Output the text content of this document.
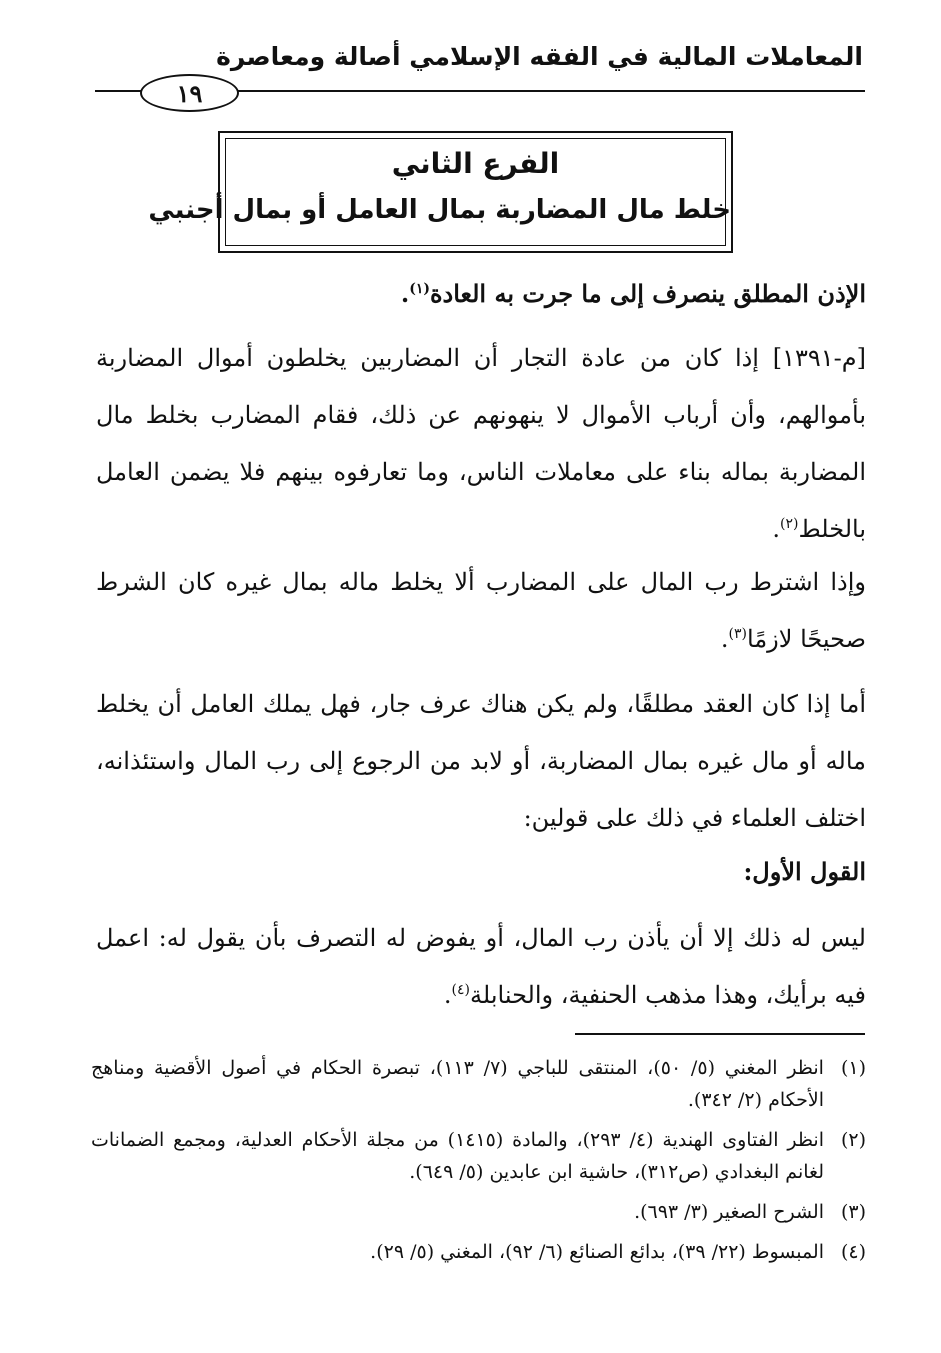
المعاملات المالية في الفقه الإسلامي أصالة ومعاصرة
١٩
الفرع الثاني
خلط مال المضاربة بمال العامل أو بمال أجنبي

الإذن المطلق ينصرف إلى ما جرت به العادة$^{(١)}$.

[م-١٣٩١] إذا كان من عادة التجار أن المضاربين يخلطون أموال المضاربة بأموالهم، وأن أرباب الأموال لا ينهونهم عن ذلك، فقام المضارب بخلط مال المضاربة بماله بناء على معاملات الناس، وما تعارفوه بينهم فلا يضمن العامل بالخلط$^{(٢)}$.

وإذا اشترط رب المال على المضارب ألا يخلط ماله بمال غيره كان الشرط صحيحًا لازمًا$^{(٣)}$.

أما إذا كان العقد مطلقًا، ولم يكن هناك عرف جار، فهل يملك العامل أن يخلط ماله أو مال غيره بمال المضاربة، أو لابد من الرجوع إلى رب المال واستئذانه، اختلف العلماء في ذلك على قولين:

القول الأول:

ليس له ذلك إلا أن يأذن رب المال، أو يفوض له التصرف بأن يقول له: اعمل فيه برأيك، وهذا مذهب الحنفية، والحنابلة$^{(٤)}$.

(١)
انظر المغني (٥/ ٥٠)، المنتقى للباجي (٧/ ١١٣)، تبصرة الحكام في أصول الأقضية ومناهج الأحكام (٢/ ٣٤٢).
(٢)
انظر الفتاوى الهندية (٤/ ٢٩٣)، والمادة (١٤١٥) من مجلة الأحكام العدلية، ومجمع الضمانات لغانم البغدادي (ص٣١٢)، حاشية ابن عابدين (٥/ ٦٤٩).
(٣)
الشرح الصغير (٣/ ٦٩٣).
(٤)
المبسوط (٢٢/ ٣٩)، بدائع الصنائع (٦/ ٩٢)، المغني (٥/ ٢٩).
